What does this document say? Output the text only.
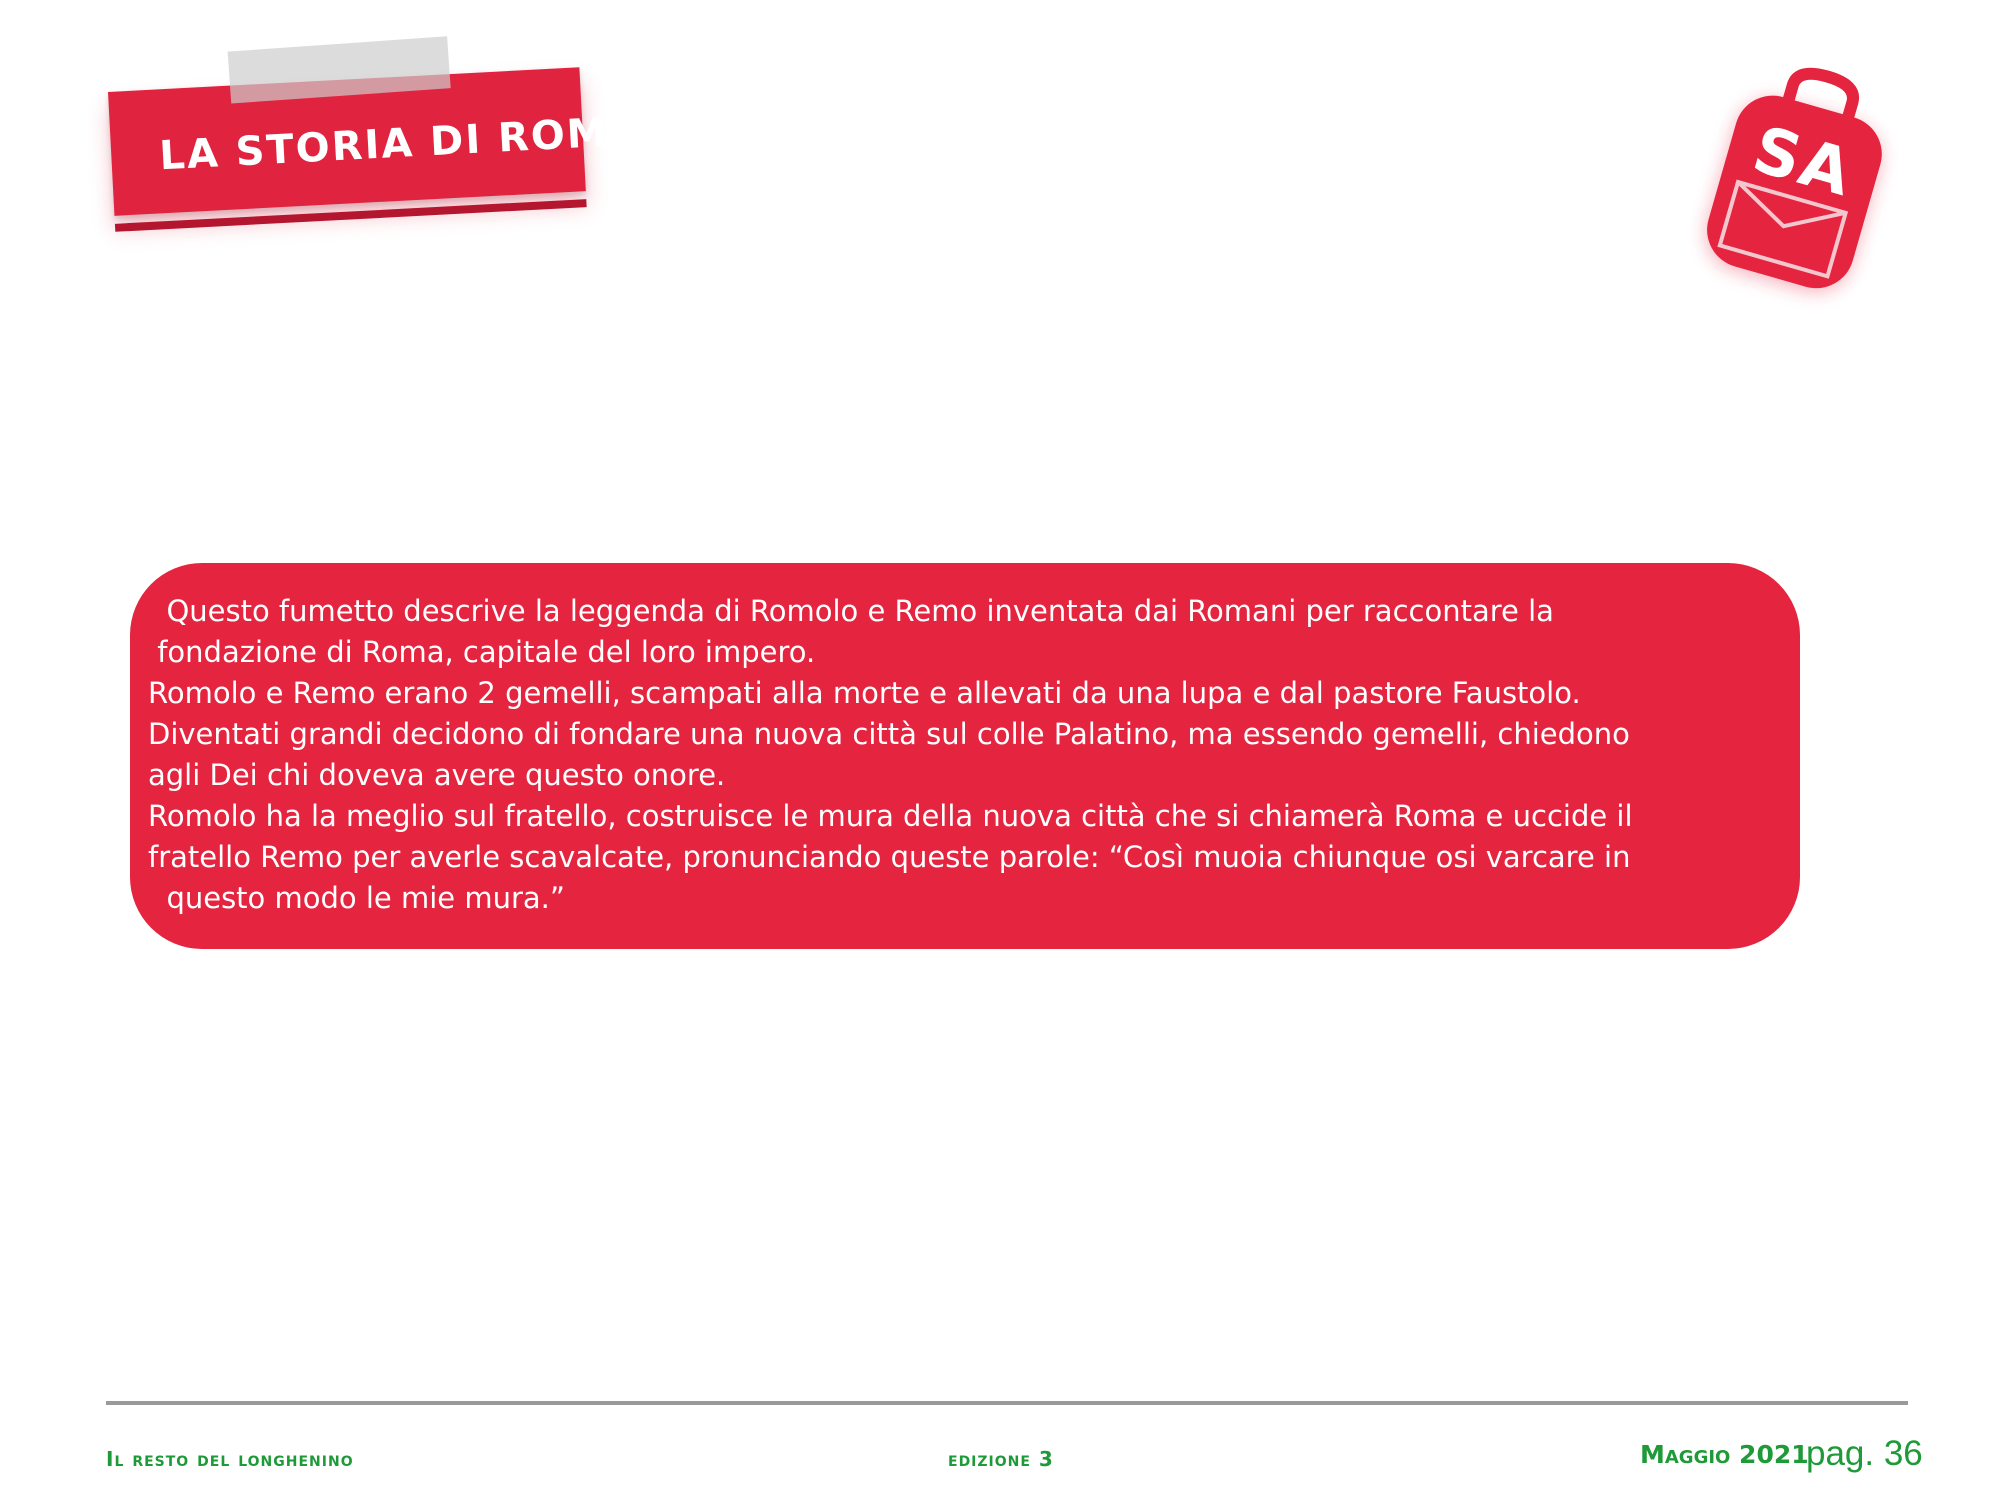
LA STORIA DI ROMA	SA

Questo fumetto descrive la leggenda di Romolo e Remo inventata dai Romani per raccontare la
fondazione di Roma, capitale del loro impero.
Romolo e Remo erano 2 gemelli, scampati alla morte e allevati da una lupa e dal pastore Faustolo.
Diventati grandi decidono di fondare una nuova città sul colle Palatino, ma essendo gemelli, chiedono
agli Dei chi doveva avere questo onore.
Romolo ha la meglio sul fratello, costruisce le mura della nuova città che si chiamerà Roma e uccide il
fratello Remo per averle scavalcate, pronunciando queste parole: “Così muoia chiunque osi varcare in
questo modo le mie mura.”

Il resto del longhenino	edizione 3	Maggio 2021

pag. 36
